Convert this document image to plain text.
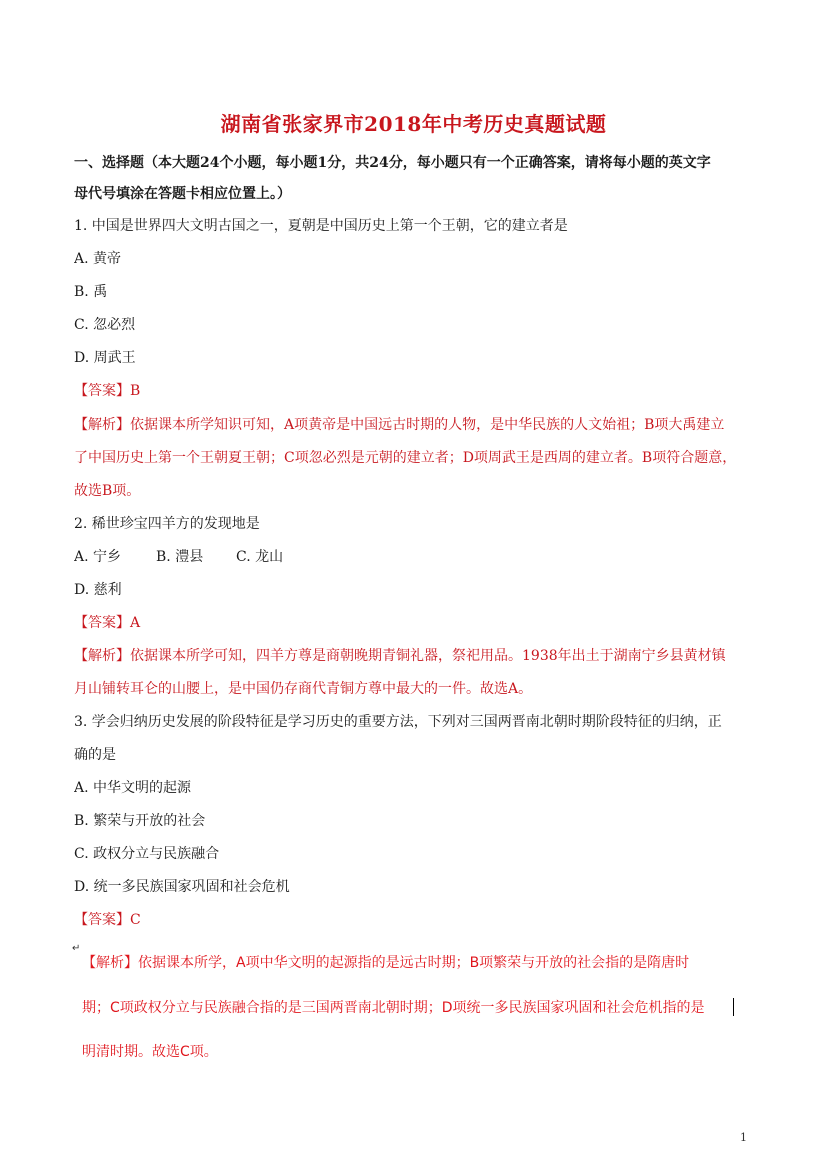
湖南省张家界市2018年中考历史真题试题
一、选择题（本大题24个小题，每小题1分，共24分，每小题只有一个正确答案，请将每小题的英文字
母代号填涂在答题卡相应位置上。）
1. 中国是世界四大文明古国之一，夏朝是中国历史上第一个王朝，它的建立者是
A. 黄帝
B. 禹
C. 忽必烈
D. 周武王
【答案】B
【解析】依据课本所学知识可知，A项黄帝是中国远古时期的人物，是中华民族的人文始祖；B项大禹建立
了中国历史上第一个王朝夏王朝；C项忽必烈是元朝的建立者；D项周武王是西周的建立者。B项符合题意，
故选B项。
2. 稀世珍宝四羊方的发现地是
A. 宁乡 B. 澧县 C. 龙山
D. 慈利
【答案】A
【解析】依据课本所学可知，四羊方尊是商朝晚期青铜礼器，祭祀用品。1938年出土于湖南宁乡县黄材镇
月山铺转耳仑的山腰上，是中国仍存商代青铜方尊中最大的一件。故选A。
3. 学会归纳历史发展的阶段特征是学习历史的重要方法，下列对三国两晋南北朝时期阶段特征的归纳，正
确的是
A. 中华文明的起源
B. 繁荣与开放的社会
C. 政权分立与民族融合
D. 统一多民族国家巩固和社会危机
【答案】C
↵
【解析】依据课本所学，A项中华文明的起源指的是远古时期；B项繁荣与开放的社会指的是隋唐时
期；C项政权分立与民族融合指的是三国两晋南北朝时期；D项统一多民族国家巩固和社会危机指的是
明清时期。故选C项。
1
